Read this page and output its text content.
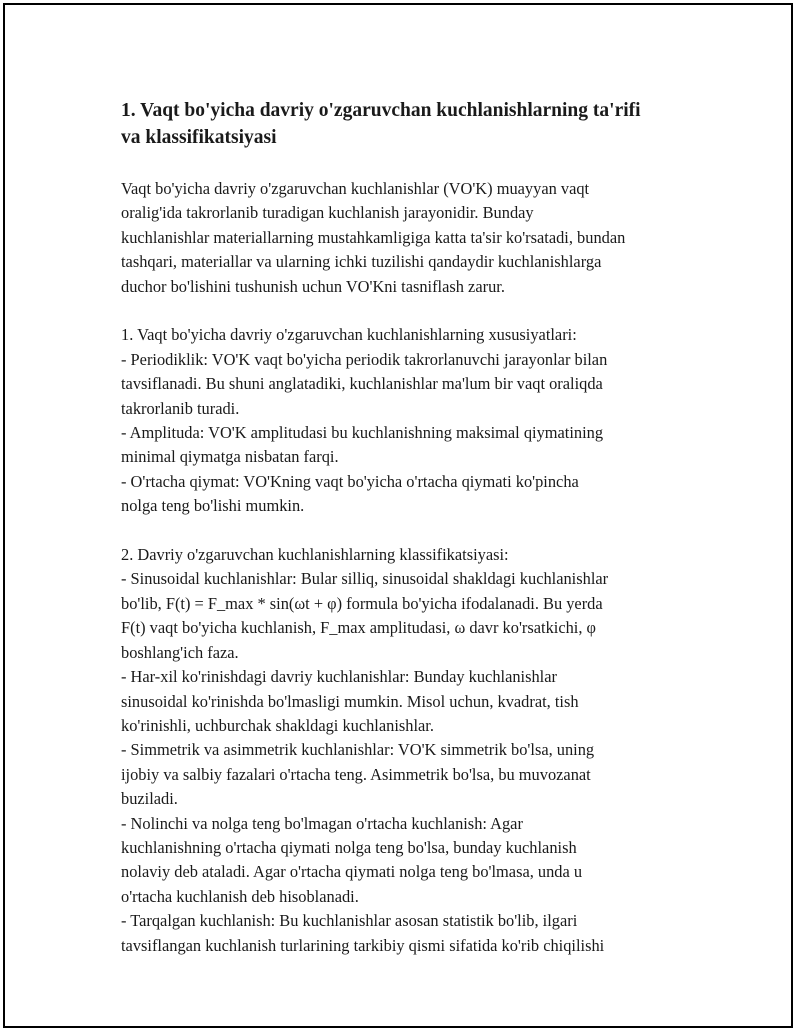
1. Vaqt bo'yicha davriy o'zgaruvchan kuchlanishlarning ta'rifi
va klassifikatsiyasi
Vaqt bo'yicha davriy o'zgaruvchan kuchlanishlar (VO'K) muayyan vaqt
oralig'ida takrorlanib turadigan kuchlanish jarayonidir. Bunday
kuchlanishlar materiallarning mustahkamligiga katta ta'sir ko'rsatadi, bundan
tashqari, materiallar va ularning ichki tuzilishi qandaydir kuchlanishlarga
duchor bo'lishini tushunish uchun VO'Kni tasniflash zarur.
1. Vaqt bo'yicha davriy o'zgaruvchan kuchlanishlarning xususiyatlari:
- Periodiklik: VO'K vaqt bo'yicha periodik takrorlanuvchi jarayonlar bilan
tavsiflanadi. Bu shuni anglatadiki, kuchlanishlar ma'lum bir vaqt oraliqda
takrorlanib turadi.
- Amplituda: VO'K amplitudasi bu kuchlanishning maksimal qiymatining
minimal qiymatga nisbatan farqi.
- O'rtacha qiymat: VO'Kning vaqt bo'yicha o'rtacha qiymati ko'pincha
nolga teng bo'lishi mumkin.
2. Davriy o'zgaruvchan kuchlanishlarning klassifikatsiyasi:
- Sinusoidal kuchlanishlar: Bular silliq, sinusoidal shakldagi kuchlanishlar
bo'lib, F(t) = F_max * sin(ωt + φ) formula bo'yicha ifodalanadi. Bu yerda
F(t) vaqt bo'yicha kuchlanish, F_max amplitudasi, ω davr ko'rsatkichi, φ
boshlang'ich faza.
- Har-xil ko'rinishdagi davriy kuchlanishlar: Bunday kuchlanishlar
sinusoidal ko'rinishda bo'lmasligi mumkin. Misol uchun, kvadrat, tish
ko'rinishli, uchburchak shakldagi kuchlanishlar.
- Simmetrik va asimmetrik kuchlanishlar: VO'K simmetrik bo'lsa, uning
ijobiy va salbiy fazalari o'rtacha teng. Asimmetrik bo'lsa, bu muvozanat
buziladi.
- Nolinchi va nolga teng bo'lmagan o'rtacha kuchlanish: Agar
kuchlanishning o'rtacha qiymati nolga teng bo'lsa, bunday kuchlanish
nolaviy deb ataladi. Agar o'rtacha qiymati nolga teng bo'lmasa, unda u
o'rtacha kuchlanish deb hisoblanadi.
- Tarqalgan kuchlanish: Bu kuchlanishlar asosan statistik bo'lib, ilgari
tavsiflangan kuchlanish turlarining tarkibiy qismi sifatida ko'rib chiqilishi
